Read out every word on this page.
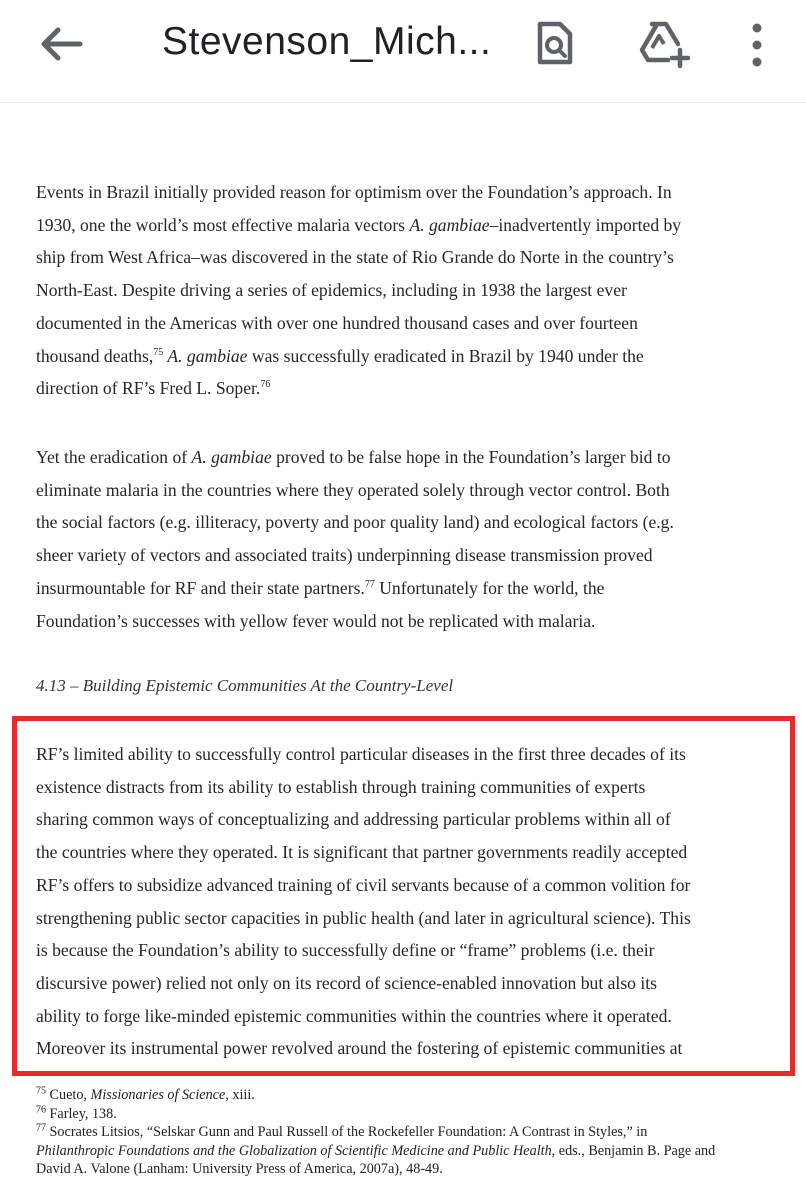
Stevenson_Mich...
Events in Brazil initially provided reason for optimism over the Foundation’s approach. In
1930, one the world’s most effective malaria vectors A. gambiae–inadvertently imported by
ship from West Africa–was discovered in the state of Rio Grande do Norte in the country’s
North-East. Despite driving a series of epidemics, including in 1938 the largest ever
documented in the Americas with over one hundred thousand cases and over fourteen
thousand deaths,$^{75}$ A. gambiae was successfully eradicated in Brazil by 1940 under the
direction of RF’s Fred L. Soper.$^{76}$
Yet the eradication of A. gambiae proved to be false hope in the Foundation’s larger bid to
eliminate malaria in the countries where they operated solely through vector control. Both
the social factors (e.g. illiteracy, poverty and poor quality land) and ecological factors (e.g.
sheer variety of vectors and associated traits) underpinning disease transmission proved
insurmountable for RF and their state partners.$^{77}$ Unfortunately for the world, the
Foundation’s successes with yellow fever would not be replicated with malaria.
4.13 – Building Epistemic Communities At the Country-Level
RF’s limited ability to successfully control particular diseases in the first three decades of its
existence distracts from its ability to establish through training communities of experts
sharing common ways of conceptualizing and addressing particular problems within all of
the countries where they operated. It is significant that partner governments readily accepted
RF’s offers to subsidize advanced training of civil servants because of a common volition for
strengthening public sector capacities in public health (and later in agricultural science). This
is because the Foundation’s ability to successfully define or “frame” problems (i.e. their
discursive power) relied not only on its record of science-enabled innovation but also its
ability to forge like-minded epistemic communities within the countries where it operated.
Moreover its instrumental power revolved around the fostering of epistemic communities at
$^{75}$ Cueto, Missionaries of Science, xiii.
$^{76}$ Farley, 138.
$^{77}$ Socrates Litsios, “Selskar Gunn and Paul Russell of the Rockefeller Foundation: A Contrast in Styles,” in
Philanthropic Foundations and the Globalization of Scientific Medicine and Public Health, eds., Benjamin B. Page and
David A. Valone (Lanham: University Press of America, 2007a), 48-49.
